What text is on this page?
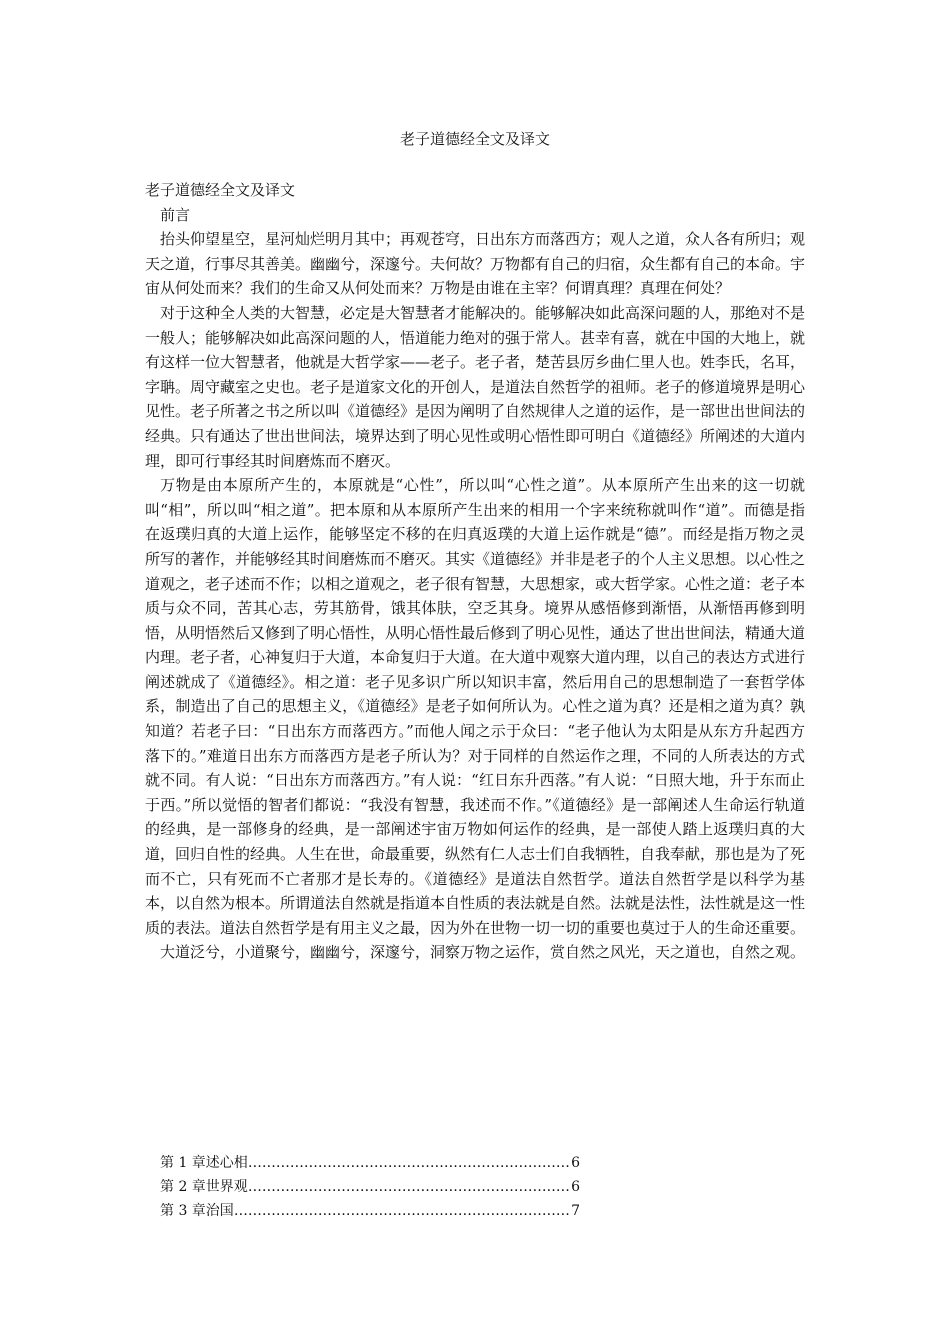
老子道德经全文及译文

老子道德经全文及译文

前言

抬头仰望星空，星河灿烂明月其中；再观苍穹，日出东方而落西方；观人之道，众人各有所归；观天之道，行事尽其善美。幽幽兮，深邃兮。夫何故？万物都有自己的归宿，众生都有自己的本命。宇宙从何处而来？我们的生命又从何处而来？万物是由谁在主宰？何谓真理？真理在何处？

对于这种全人类的大智慧，必定是大智慧者才能解决的。能够解决如此高深问题的人，那绝对不是一般人；能够解决如此高深问题的人，悟道能力绝对的强于常人。甚幸有喜，就在中国的大地上，就有这样一位大智慧者，他就是大哲学家——老子。老子者，楚苦县厉乡曲仁里人也。姓李氏，名耳，字聃。周守藏室之史也。老子是道家文化的开创人，是道法自然哲学的祖师。老子的修道境界是明心见性。老子所著之书之所以叫《道德经》是因为阐明了自然规律人之道的运作，是一部世出世间法的经典。只有通达了世出世间法，境界达到了明心见性或明心悟性即可明白《道德经》所阐述的大道内理，即可行事经其时间磨炼而不磨灭。

万物是由本原所产生的，本原就是“心性”，所以叫“心性之道”。从本原所产生出来的这一切就叫“相”，所以叫“相之道”。把本原和从本原所产生出来的相用一个字来统称就叫作“道”。而德是指在返璞归真的大道上运作，能够坚定不移的在归真返璞的大道上运作就是“德”。而经是指万物之灵所写的著作，并能够经其时间磨炼而不磨灭。其实《道德经》并非是老子的个人主义思想。以心性之道观之，老子述而不作；以相之道观之，老子很有智慧，大思想家，或大哲学家。心性之道：老子本质与众不同，苦其心志，劳其筋骨，饿其体肤，空乏其身。境界从感悟修到渐悟，从渐悟再修到明悟，从明悟然后又修到了明心悟性，从明心悟性最后修到了明心见性，通达了世出世间法，精通大道内理。老子者，心神复归于大道，本命复归于大道。在大道中观察大道内理，以自己的表达方式进行阐述就成了《道德经》。相之道：老子见多识广所以知识丰富，然后用自己的思想制造了一套哲学体系，制造出了自己的思想主义，《道德经》是老子如何所认为。心性之道为真？还是相之道为真？孰知道？若老子曰：“日出东方而落西方。”而他人闻之示于众曰：“老子他认为太阳是从东方升起西方落下的。”难道日出东方而落西方是老子所认为？对于同样的自然运作之理，不同的人所表达的方式就不同。有人说：“日出东方而落西方。”有人说：“红日东升西落。”有人说：“日照大地，升于东而止于西。”所以觉悟的智者们都说：“我没有智慧，我述而不作。”《道德经》是一部阐述人生命运行轨道的经典，是一部修身的经典，是一部阐述宇宙万物如何运作的经典，是一部使人踏上返璞归真的大道，回归自性的经典。人生在世，命最重要，纵然有仁人志士们自我牺牲，自我奉献，那也是为了死而不亡，只有死而不亡者那才是长寿的。《道德经》是道法自然哲学。道法自然哲学是以科学为基本，以自然为根本。所谓道法自然就是指道本自性质的表法就是自然。法就是法性，法性就是这一性质的表法。道法自然哲学是有用主义之最，因为外在世物一切一切的重要也莫过于人的生命还重要。

大道泛兮，小道聚兮，幽幽兮，深邃兮，洞察万物之运作，赏自然之风光，天之道也，自然之观。

第 1 章述心相 ……………………………………………………………………………………………………………………………………	6
第 2 章世界观 ……………………………………………………………………………………………………………………………………	6
第 3 章治国 ……………………………………………………………………………………………………………………………………	7
